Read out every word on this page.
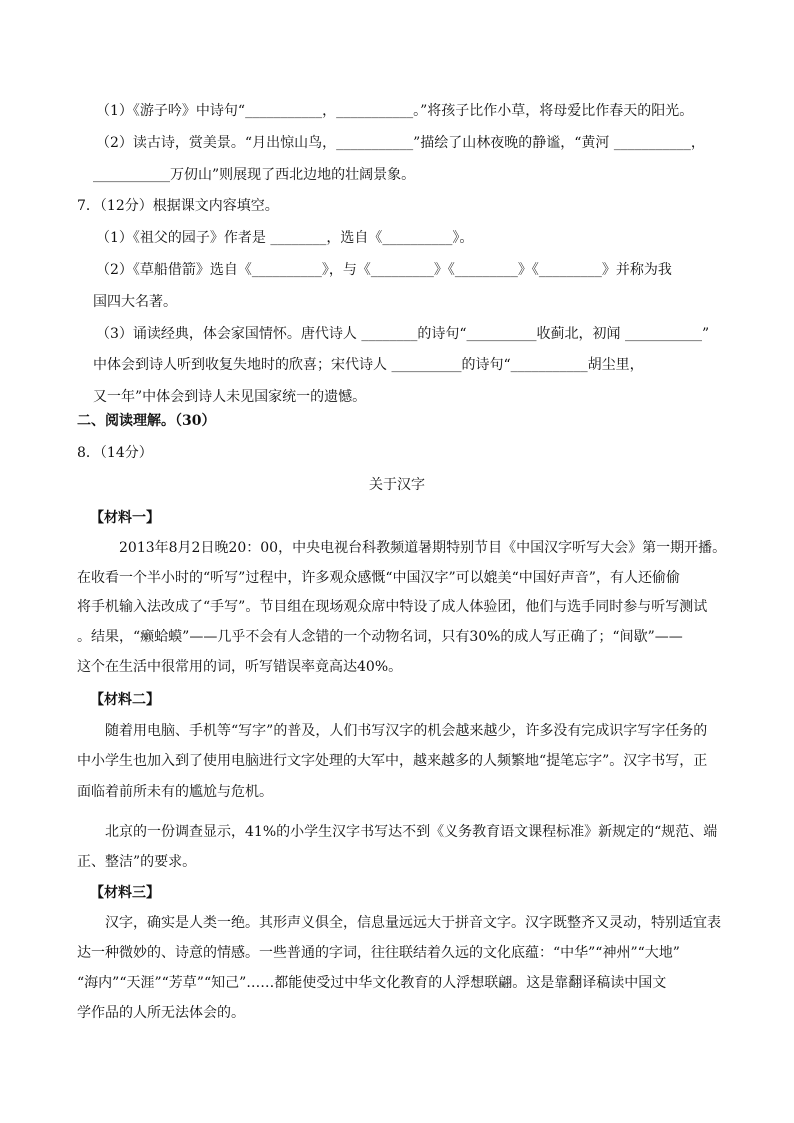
（1）《游子吟》中诗句“___________，___________。”将孩子比作小草，将母爱比作春天的阳光。
（2）读古诗，赏美景。“月出惊山鸟，___________”描绘了山林夜晚的静谧，“黄河 ___________，
___________万仞山”则展现了西北边地的壮阔景象。
7．（12分）根据课文内容填空。
（1）《祖父的园子》作者是 ________，选自《__________》。
（2）《草船借箭》选自《__________》，与《_________》《_________》《_________》并称为我
国四大名著。
（3）诵读经典，体会家国情怀。唐代诗人 ________的诗句“__________收蓟北，初闻 ___________”
中体会到诗人听到收复失地时的欣喜；宋代诗人 __________的诗句“___________胡尘里，
又一年”中体会到诗人未见国家统一的遗憾。
二、阅读理解。（30）
8．（14分）
关于汉字
【材料一】
2013年8月2日晚20：00，中央电视台科教频道暑期特别节目《中国汉字听写大会》第一期开播。
在收看一个半小时的“听写”过程中，许多观众感慨“中国汉字”可以媲美“中国好声音”，有人还偷偷
将手机输入法改成了“手写”。节目组在现场观众席中特设了成人体验团，他们与选手同时参与听写测试
。结果，“癞蛤蟆”——几乎不会有人念错的一个动物名词，只有30%的成人写正确了；“间歇”——
这个在生活中很常用的词，听写错误率竟高达40%。
【材料二】
随着用电脑、手机等“写字”的普及，人们书写汉字的机会越来越少，许多没有完成识字写字任务的
中小学生也加入到了使用电脑进行文字处理的大军中，越来越多的人频繁地“提笔忘字”。汉字书写，正
面临着前所未有的尴尬与危机。
北京的一份调查显示，41%的小学生汉字书写达不到《义务教育语文课程标准》新规定的“规范、端
正、整洁”的要求。
【材料三】
汉字，确实是人类一绝。其形声义俱全，信息量远远大于拼音文字。汉字既整齐又灵动，特别适宜表
达一种微妙的、诗意的情感。一些普通的字词，往往联结着久远的文化底蕴：“中华”“神州”“大地”
“海内”“天涯”“芳草”“知己”……都能使受过中华文化教育的人浮想联翩。这是靠翻译稿读中国文
学作品的人所无法体会的。
